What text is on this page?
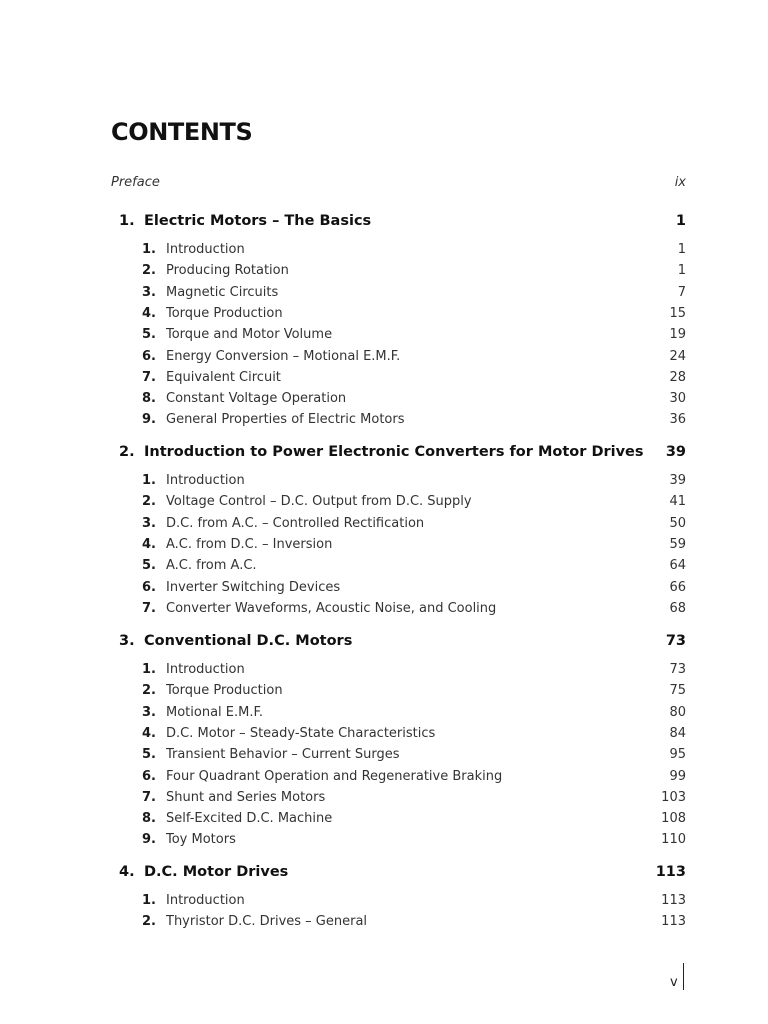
CONTENTS
Preface	ix
1. Electric Motors – The Basics	1
1. Introduction	1
2. Producing Rotation	1
3. Magnetic Circuits	7
4. Torque Production	15
5. Torque and Motor Volume	19
6. Energy Conversion – Motional E.M.F.	24
7. Equivalent Circuit	28
8. Constant Voltage Operation	30
9. General Properties of Electric Motors	36
2. Introduction to Power Electronic Converters for Motor Drives	39
1. Introduction	39
2. Voltage Control – D.C. Output from D.C. Supply	41
3. D.C. from A.C. – Controlled Rectification	50
4. A.C. from D.C. – Inversion	59
5. A.C. from A.C.	64
6. Inverter Switching Devices	66
7. Converter Waveforms, Acoustic Noise, and Cooling	68
3. Conventional D.C. Motors	73
1. Introduction	73
2. Torque Production	75
3. Motional E.M.F.	80
4. D.C. Motor – Steady-State Characteristics	84
5. Transient Behavior – Current Surges	95
6. Four Quadrant Operation and Regenerative Braking	99
7. Shunt and Series Motors	103
8. Self-Excited D.C. Machine	108
9. Toy Motors	110
4. D.C. Motor Drives	113
1. Introduction	113
2. Thyristor D.C. Drives – General	113
v
